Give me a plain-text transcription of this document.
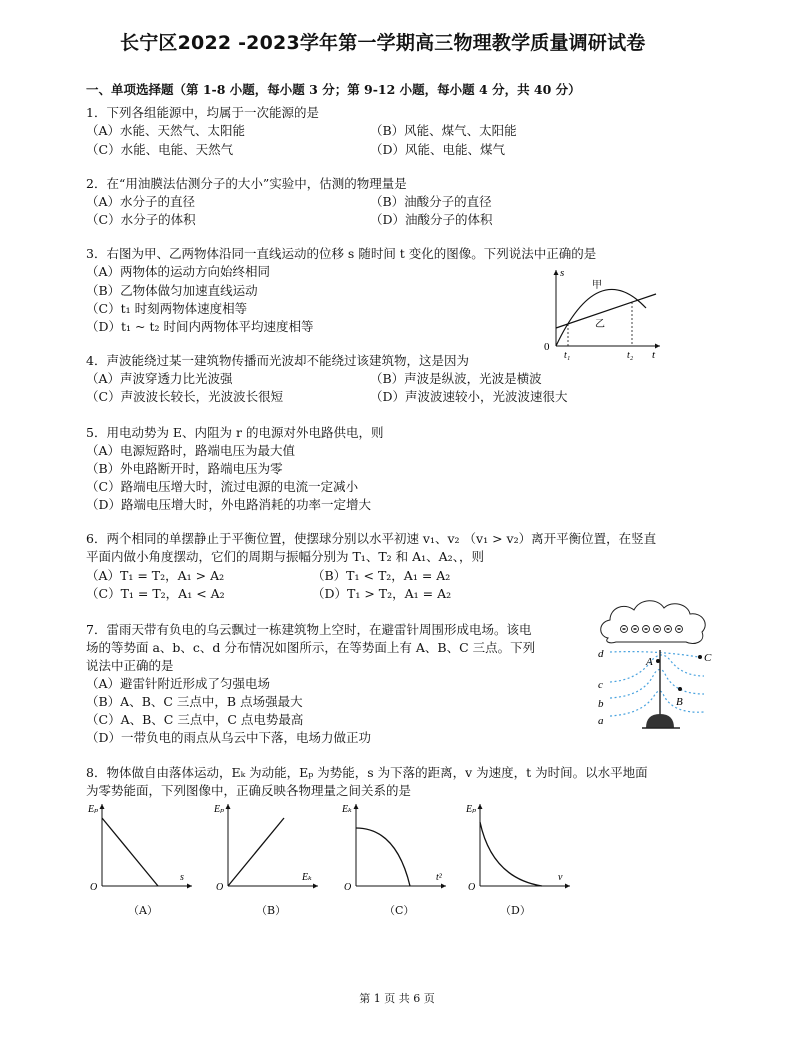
长宁区2022 -2023学年第一学期高三物理教学质量调研试卷
一、单项选择题（第 1-8 小题，每小题 3 分；第 9-12 小题，每小题 4 分，共 40 分）
1．下列各组能源中，均属于一次能源的是
（A）水能、天然气、太阳能	（B）风能、煤气、太阳能
（C）水能、电能、天然气	（D）风能、电能、煤气
2．在“用油膜法估测分子的大小”实验中，估测的物理量是
（A）水分子的直径	（B）油酸分子的直径
（C）水分子的体积	（D）油酸分子的体积
3．右图为甲、乙两物体沿同一直线运动的位移 s 随时间 t 变化的图像。下列说法中正确的是
（A）两物体的运动方向始终相同
（B）乙物体做匀加速直线运动
（C）t₁ 时刻两物体速度相等
（D）t₁ ~ t₂ 时间内两物体平均速度相等
s
t
0
t₁	t₂
甲
乙
4．声波能绕过某一建筑物传播而光波却不能绕过该建筑物，这是因为
（A）声波穿透力比光波强	（B）声波是纵波，光波是横波
（C）声波波长较长，光波波长很短	（D）声波波速较小，光波波速很大
5．用电动势为 E、内阻为 r 的电源对外电路供电，则
（A）电源短路时，路端电压为最大值
（B）外电路断开时，路端电压为零
（C）路端电压增大时，流过电源的电流一定减小
（D）路端电压增大时，外电路消耗的功率一定增大
6．两个相同的单摆静止于平衡位置，使摆球分别以水平初速 v₁、v₂ （v₁ > v₂）离开平衡位置，在竖直
平面内做小角度摆动，它们的周期与振幅分别为 T₁、T₂ 和 A₁、A₂、，则
（A）T₁ = T₂，A₁ > A₂	（B）T₁ < T₂，A₁ = A₂
（C）T₁ = T₂，A₁ < A₂	（D）T₁ > T₂，A₁ = A₂
7．雷雨天带有负电的乌云飘过一栋建筑物上空时，在避雷针周围形成电场。该电
场的等势面 a、b、c、d 分布情况如图所示，在等势面上有 A、B、C 三点。下列
说法中正确的是
（A）避雷针附近形成了匀强电场
（B）A、B、C 三点中，B 点场强最大
（C）A、B、C 三点中，C 点电势最高
（D）一带负电的雨点从乌云中下落，电场力做正功
A
B
C
d
c
b
a
8．物体做自由落体运动，Eₖ 为动能，Eₚ 为势能，s 为下落的距离，v 为速度，t 为时间。以水平地面
为零势能面，下列图像中，正确反映各物理量之间关系的是
Eₚ
s
O
（A）
Eₚ
Eₖ
O
（B）
Eₖ
t²
O
（C）
Eₚ
v
O
（D）
第 1 页 共 6 页
